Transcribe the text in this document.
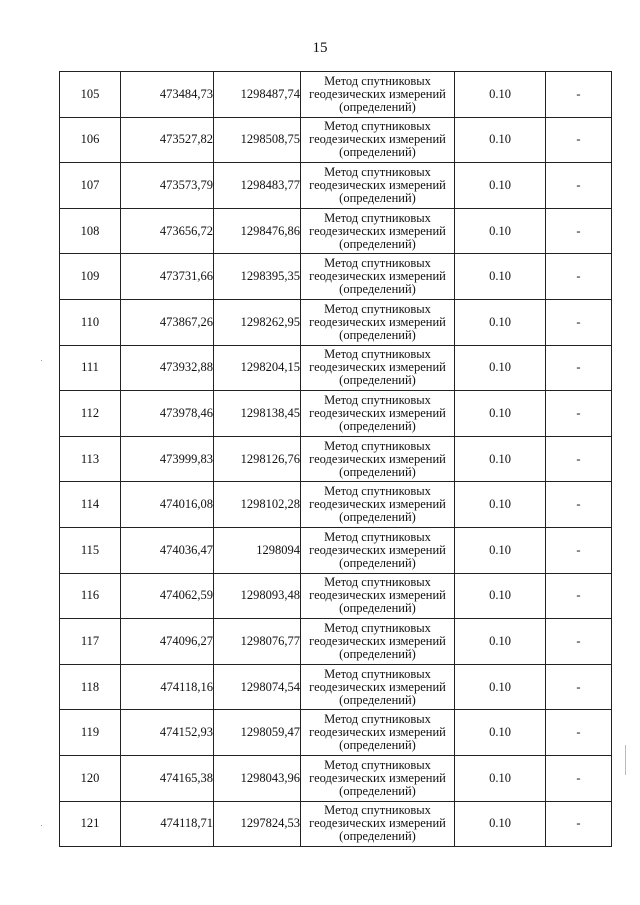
15
105	473484,73	1298487,74	Метод спутниковых
геодезических измерений
(определений)	0.10	-
106	473527,82	1298508,75	Метод спутниковых
геодезических измерений
(определений)	0.10	-
107	473573,79	1298483,77	Метод спутниковых
геодезических измерений
(определений)	0.10	-
108	473656,72	1298476,86	Метод спутниковых
геодезических измерений
(определений)	0.10	-
109	473731,66	1298395,35	Метод спутниковых
геодезических измерений
(определений)	0.10	-
110	473867,26	1298262,95	Метод спутниковых
геодезических измерений
(определений)	0.10	-
111	473932,88	1298204,15	Метод спутниковых
геодезических измерений
(определений)	0.10	-
112	473978,46	1298138,45	Метод спутниковых
геодезических измерений
(определений)	0.10	-
113	473999,83	1298126,76	Метод спутниковых
геодезических измерений
(определений)	0.10	-
114	474016,08	1298102,28	Метод спутниковых
геодезических измерений
(определений)	0.10	-
115	474036,47	1298094	Метод спутниковых
геодезических измерений
(определений)	0.10	-
116	474062,59	1298093,48	Метод спутниковых
геодезических измерений
(определений)	0.10	-
117	474096,27	1298076,77	Метод спутниковых
геодезических измерений
(определений)	0.10	-
118	474118,16	1298074,54	Метод спутниковых
геодезических измерений
(определений)	0.10	-
119	474152,93	1298059,47	Метод спутниковых
геодезических измерений
(определений)	0.10	-
120	474165,38	1298043,96	Метод спутниковых
геодезических измерений
(определений)	0.10	-
121	474118,71	1297824,53	Метод спутниковых
геодезических измерений
(определений)	0.10	-
